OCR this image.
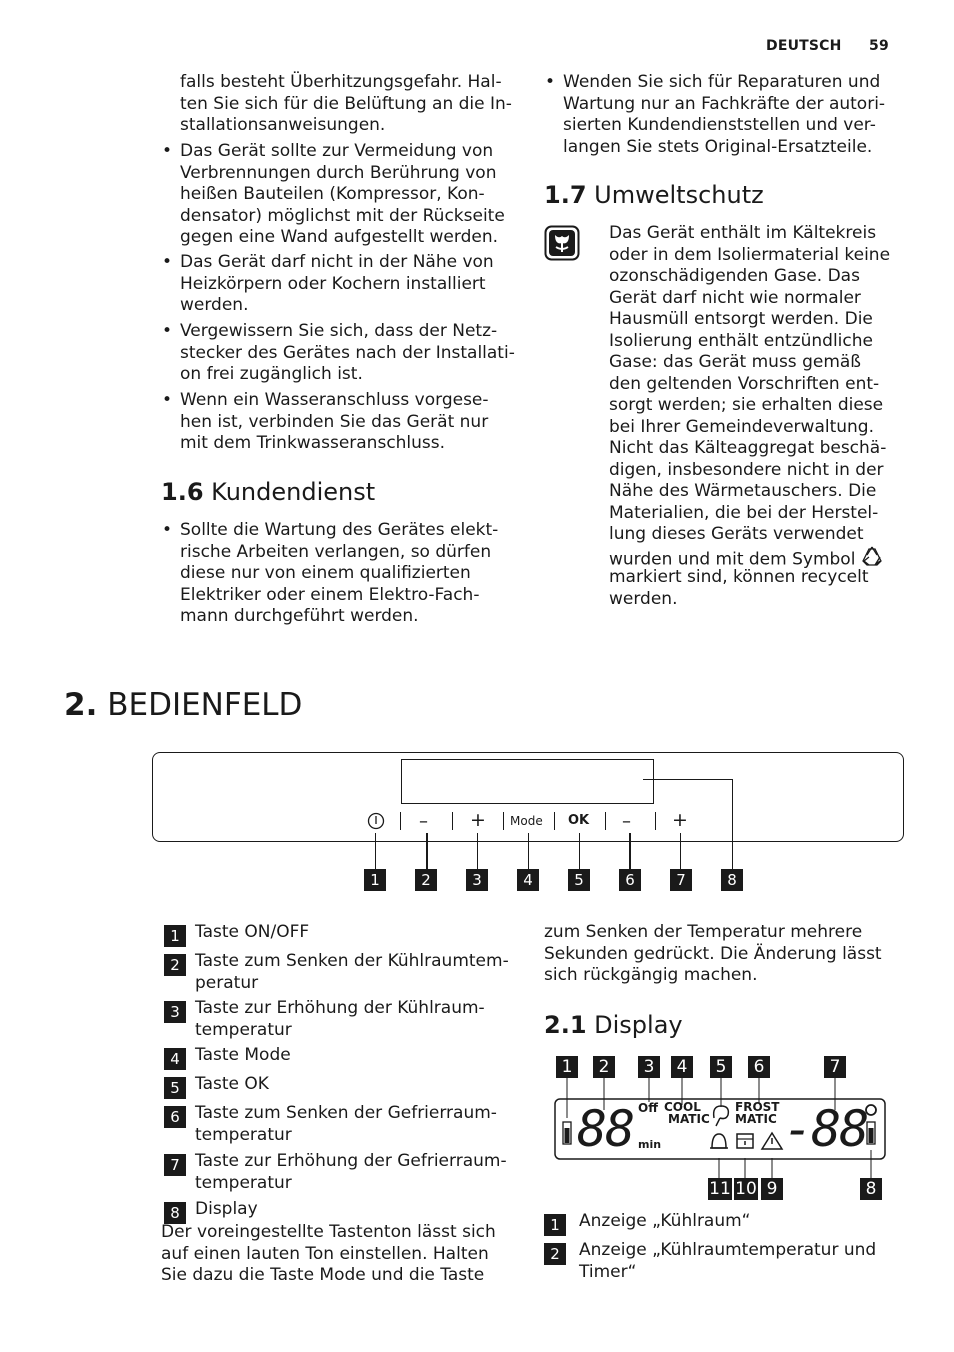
DEUTSCH 59
falls besteht Überhitzungsgefahr. Hal-
ten Sie sich für die Belüftung an die In-
stallationsanweisungen.
• Das Gerät sollte zur Vermeidung von
Verbrennungen durch Berührung von
heißen Bauteilen (Kompressor, Kon-
densator) möglichst mit der Rückseite
gegen eine Wand aufgestellt werden.
• Das Gerät darf nicht in der Nähe von
Heizkörpern oder Kochern installiert
werden.
• Vergewissern Sie sich, dass der Netz-
stecker des Gerätes nach der Installati-
on frei zugänglich ist.
• Wenn ein Wasseranschluss vorgese-
hen ist, verbinden Sie das Gerät nur
mit dem Trinkwasseranschluss.
1.6 Kundendienst
• Sollte die Wartung des Gerätes elekt-
rische Arbeiten verlangen, so dürfen
diese nur von einem qualifizierten
Elektriker oder einem Elektro-Fach-
mann durchgeführt werden.
• Wenden Sie sich für Reparaturen und
Wartung nur an Fachkräfte der autori-
sierten Kundendienststellen und ver-
langen Sie stets Original-Ersatzteile.
1.7 Umweltschutz
Das Gerät enthält im Kältekreis
oder in dem Isoliermaterial keine
ozonschädigenden Gase. Das
Gerät darf nicht wie normaler
Hausmüll entsorgt werden. Die
Isolierung enthält entzündliche
Gase: das Gerät muss gemäß
den geltenden Vorschriften ent-
sorgt werden; sie erhalten diese
bei Ihrer Gemeindeverwaltung.
Nicht das Kälteaggregat beschä-
digen, insbesondere nicht in der
Nähe des Wärmetauschers. Die
Materialien, die bei der Herstel-
lung dieses Geräts verwendet
wurden und mit dem Symbol
markiert sind, können recycelt
werden.
2. BEDIENFELD
– + Mode OK – +
1	2	3	4	5	6	7	8
1 Taste ON/OFF
2 Taste zum Senken der Kühlraumtem-
peratur
3 Taste zur Erhöhung der Kühlraum-
temperatur
4 Taste Mode
5 Taste OK
6 Taste zum Senken der Gefrierraum-
temperatur
7 Taste zur Erhöhung der Gefrierraum-
temperatur
8 Display
Der voreingestellte Tastenton lässt sich
auf einen lauten Ton einstellen. Halten
Sie dazu die Taste Mode und die Taste
zum Senken der Temperatur mehrere
Sekunden gedrückt. Die Änderung lässt
sich rückgängig machen.
2.1 Display
88 min
Off COOL
MATIC
FROST
MATIC -88
1	2	3	4	5	6	7
11 10 9	8
1	Anzeige „Kühlraum“
2	Anzeige „Kühlraumtemperatur und
Timer“
